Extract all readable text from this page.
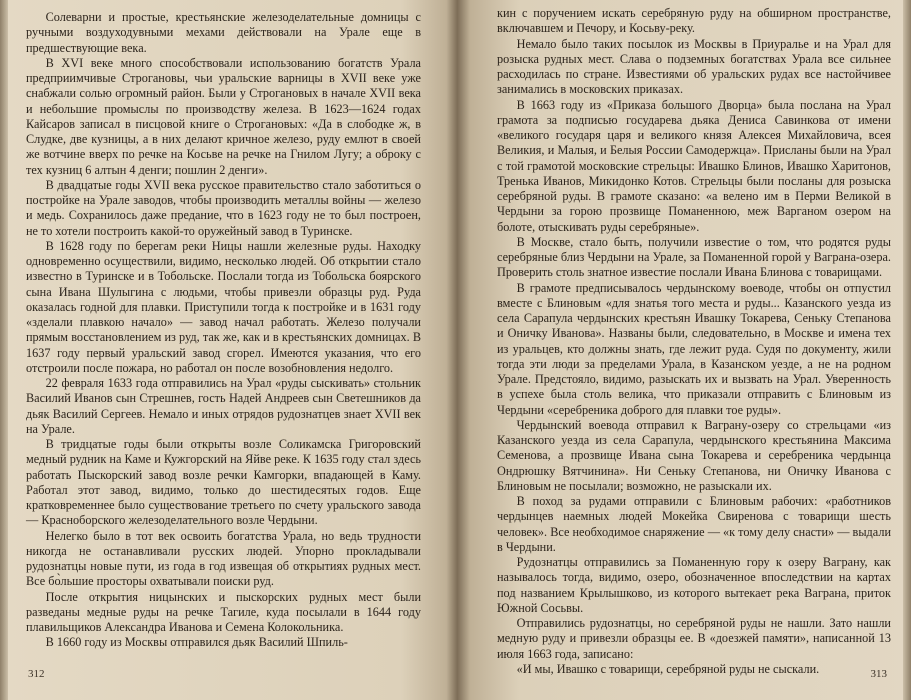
Солеварни и простые, крестьянские железоделательные домницы с ручными воздуходувными мехами действовали на Урале еще в предшествующие века.

В XVI веке много способствовали использованию богатств Урала предприимчивые Строгановы, чьи уральские варницы в XVII веке уже снабжали солью огромный район. Были у Строгановых в начале XVII века и небольшие промыслы по производству железа. В 1623—1624 годах Кайсаров записал в писцовой книге о Строгановых: «Да в слободке ж, в Слудке, две кузницы, а в них делают кричное железо, руду емлют в своей же вотчине вверх по речке на Косьве на речке на Гнилом Лугу; а оброку с тех кузниц 6 алтын 4 денги; пошлин 2 денги».

В двадцатые годы XVII века русское правительство стало заботиться о постройке на Урале заводов, чтобы производить металлы войны — железо и медь. Сохранилось даже предание, что в 1623 году не то был построен, не то хотели построить какой-то оружейный завод в Туринске.

В 1628 году по берегам реки Ницы нашли железные руды. Находку одновременно осуществили, видимо, несколько людей. Об открытии стало известно в Туринске и в Тобольске. Послали тогда из Тобольска боярского сына Ивана Шулыгина с людьми, чтобы привезли образцы руд. Руда оказалась годной для плавки. Приступили тогда к постройке и в 1631 году «зделали плавкою начало» — завод начал работать. Железо получали прямым восстановлением из руд, так же, как и в крестьянских домницах. В 1637 году первый уральский завод сгорел. Имеются указания, что его отстроили после пожара, но работал он после возобновления недолго.

22 февраля 1633 года отправились на Урал «руды сыскивать» стольник Василий Иванов сын Стрешнев, гость Надей Андреев сын Светешников да дьяк Василий Сергеев. Немало и иных отрядов рудознатцев знает XVII век на Урале.

В тридцатые годы были открыты возле Соликамска Григоровский медный рудник на Каме и Кужгорский на Яйве реке. К 1635 году стал здесь работать Пыскорский завод возле речки Камгорки, впадающей в Каму. Работал этот завод, видимо, только до шестидесятых годов. Еще кратковременнее было существование третьего по счету уральского завода — Красноборского железоделательного возле Чердыни.

Нелегко было в тот век освоить богатства Урала, но ведь трудности никогда не останавливали русских людей. Упорно прокладывали рудознатцы новые пути, из года в год извещая об открытиях рудных мест. Все бо̀льшие просторы охватывали поиски руд.

После открытия ницынских и пыскорских рудных мест были разведаны медные руды на речке Тагиле, куда посылали в 1644 году плавильщиков Александра Иванова и Семена Колокольника.

В 1660 году из Москвы отправился дьяк Василий Шпиль-

312

кин с поручением искать серебряную руду на обширном пространстве, включавшем и Печору, и Косьву-реку.

Немало было таких посылок из Москвы в Приуралье и на Урал для розыска рудных мест. Слава о подземных богатствах Урала все сильнее расходилась по стране. Известиями об уральских рудах все настойчивее занимались в московских приказах.

В 1663 году из «Приказа большого Дворца» была послана на Урал грамота за подписью государева дьяка Дениса Савинкова от имени «великого государя царя и великого князя Алексея Михайловича, всея Великия, и Малыя, и Белыя России Самодержца». Присланы были на Урал с той грамотой московские стрельцы: Ивашко Блинов, Ивашко Харитонов, Тренька Иванов, Микидонко Котов. Стрельцы были посланы для розыска серебряной руды. В грамоте сказано: «а велено им в Перми Великой в Чердыни за горою прозвище Поманенною, меж Варганом озером на болоте, отыскивать руды серебряные».

В Москве, стало быть, получили известие о том, что родятся руды серебряные близ Чердыни на Урале, за Поманенной горой у Ваграна-озера. Проверить столь знатное известие послали Ивана Блинова с товарищами.

В грамоте предписывалось чердынскому воеводе, чтобы он отпустил вместе с Блиновым «для знатья того места и руды... Казанского уезда из села Сарапула чердынских крестьян Ивашку Токарева, Сеньку Степанова и Оничку Иванова». Названы были, следовательно, в Москве и имена тех из уральцев, кто должны знать, где лежит руда. Судя по документу, жили тогда эти люди за пределами Урала, в Казанском уезде, а не на родном Урале. Предстояло, видимо, разыскать их и вызвать на Урал. Уверенность в успехе была столь велика, что приказали отправить с Блиновым из Чердыни «серебреника доброго для плавки тое руды».

Чердынский воевода отправил к Ваграну-озеру со стрельцами «из Казанского уезда из села Сарапула, чердынского крестьянина Максима Семенова, а прозвище Ивана сына Токарева и серебреника чердынца Ондрюшку Вятчинина». Ни Сеньку Степанова, ни Оничку Иванова с Блиновым не посылали; возможно, не разыскали их.

В поход за рудами отправили с Блиновым рабочих: «работников чердынцев наемных людей Мокейка Свиренова с товарищи шесть человек». Все необходимое снаряжение — «к тому делу снасти» — выдали в Чердыни.

Рудознатцы отправились за Поманенную гору к озеру Ваграну, как называлось тогда, видимо, озеро, обозначенное впоследствии на картах под названием Крылышково, из которого вытекает река Ваграна, приток Южной Сосьвы.

Отправились рудознатцы, но серебряной руды не нашли. Зато нашли медную руду и привезли образцы ее. В «доезжей памяти», написанной 13 июля 1663 года, записано:

«И мы, Ивашко с товарищи, серебряной руды не сыскали.	313
